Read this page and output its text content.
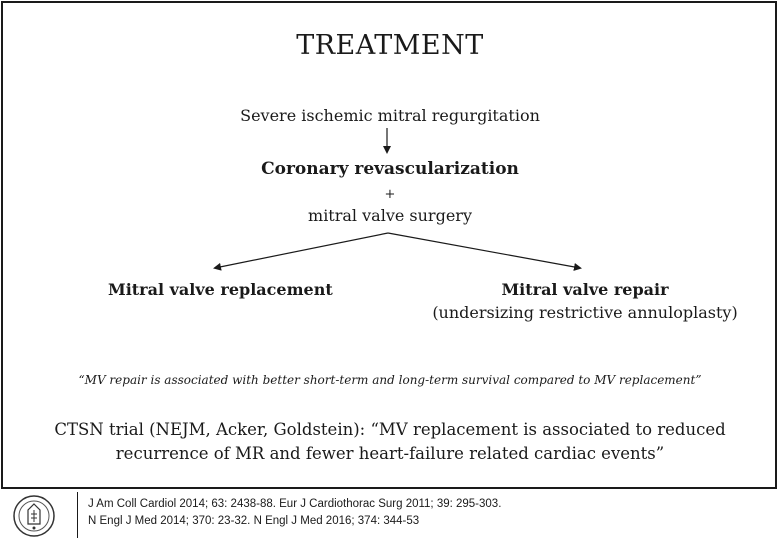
TREATMENT
Severe ischemic mitral regurgitation
Coronary revascularization
+
mitral valve surgery
Mitral valve replacement	Mitral valve repair
(undersizing restrictive annuloplasty)
“MV repair is associated with better short-term and long-term survival compared to MV replacement”
CTSN trial (NEJM, Acker, Goldstein): “MV replacement is associated to reduced recurrence of MR and fewer heart-failure related cardiac events”
J Am Coll Cardiol 2014; 63: 2438-88. Eur J Cardiothorac Surg 2011; 39: 295-303.
N Engl J Med 2014; 370: 23-32. N Engl J Med 2016; 374: 344-53
